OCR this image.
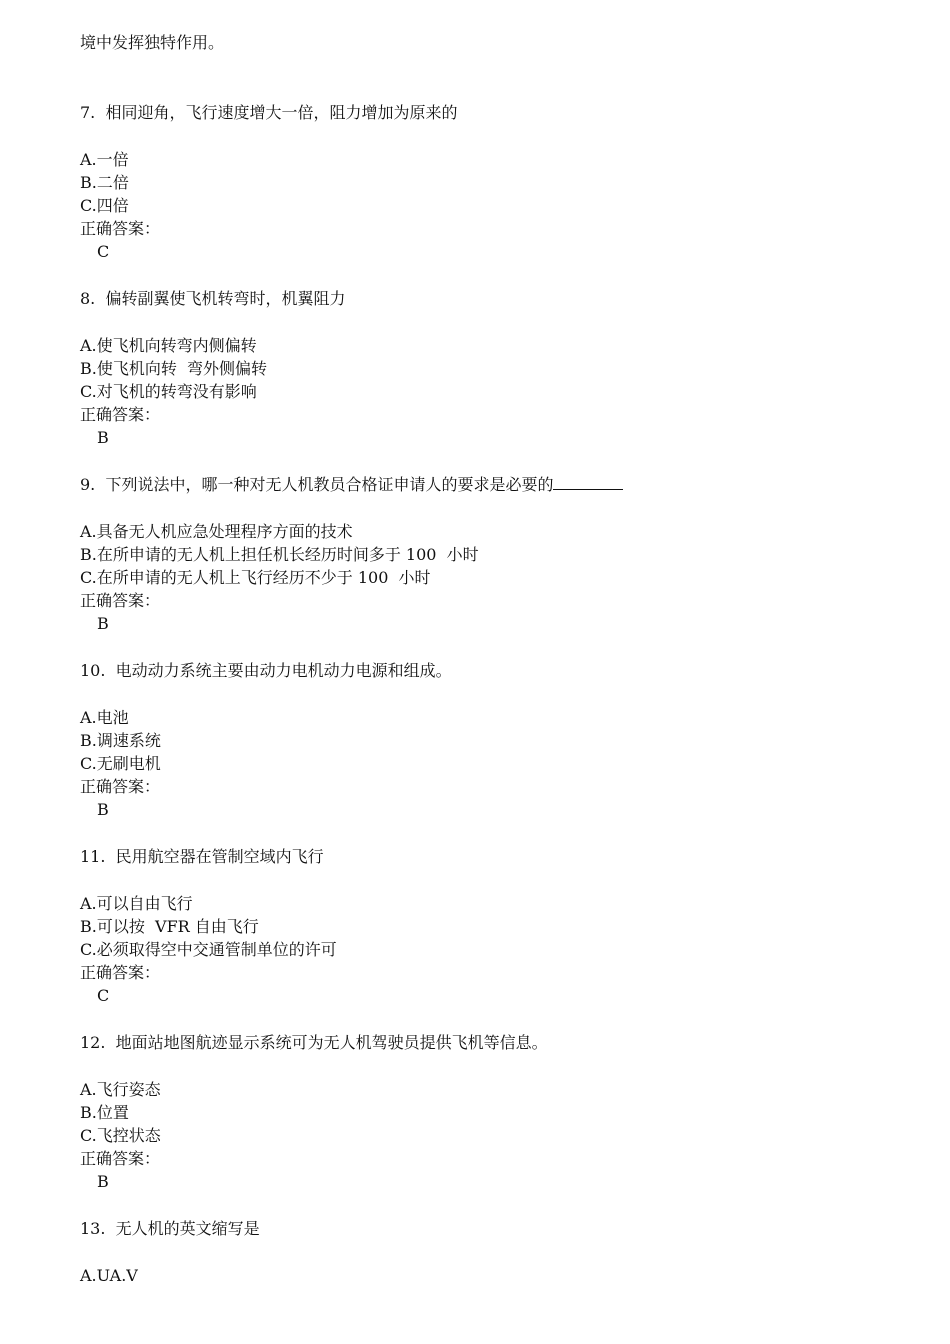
境中发挥独特作用。
7.  相同迎角，飞行速度增大一倍，阻力增加为原来的
A.一倍
B.二倍
C.四倍
正确答案：
C
8.  偏转副翼使飞机转弯时，机翼阻力
A.使飞机向转弯内侧偏转
B.使飞机向转  弯外侧偏转
C.对飞机的转弯没有影响
正确答案：
B
9.  下列说法中，哪一种对无人机教员合格证申请人的要求是必要的
A.具备无人机应急处理程序方面的技术
B.在所申请的无人机上担任机长经历时间多于 100  小时
C.在所申请的无人机上飞行经历不少于 100  小时
正确答案：
B
10.  电动动力系统主要由动力电机动力电源和组成。
A.电池
B.调速系统
C.无刷电机
正确答案：
B
11.  民用航空器在管制空域内飞行
A.可以自由飞行
B.可以按  VFR 自由飞行
C.必须取得空中交通管制单位的许可
正确答案：
C
12.  地面站地图航迹显示系统可为无人机驾驶员提供飞机等信息。
A.飞行姿态
B.位置
C.飞控状态
正确答案：
B
13.  无人机的英文缩写是
A.UA.V
